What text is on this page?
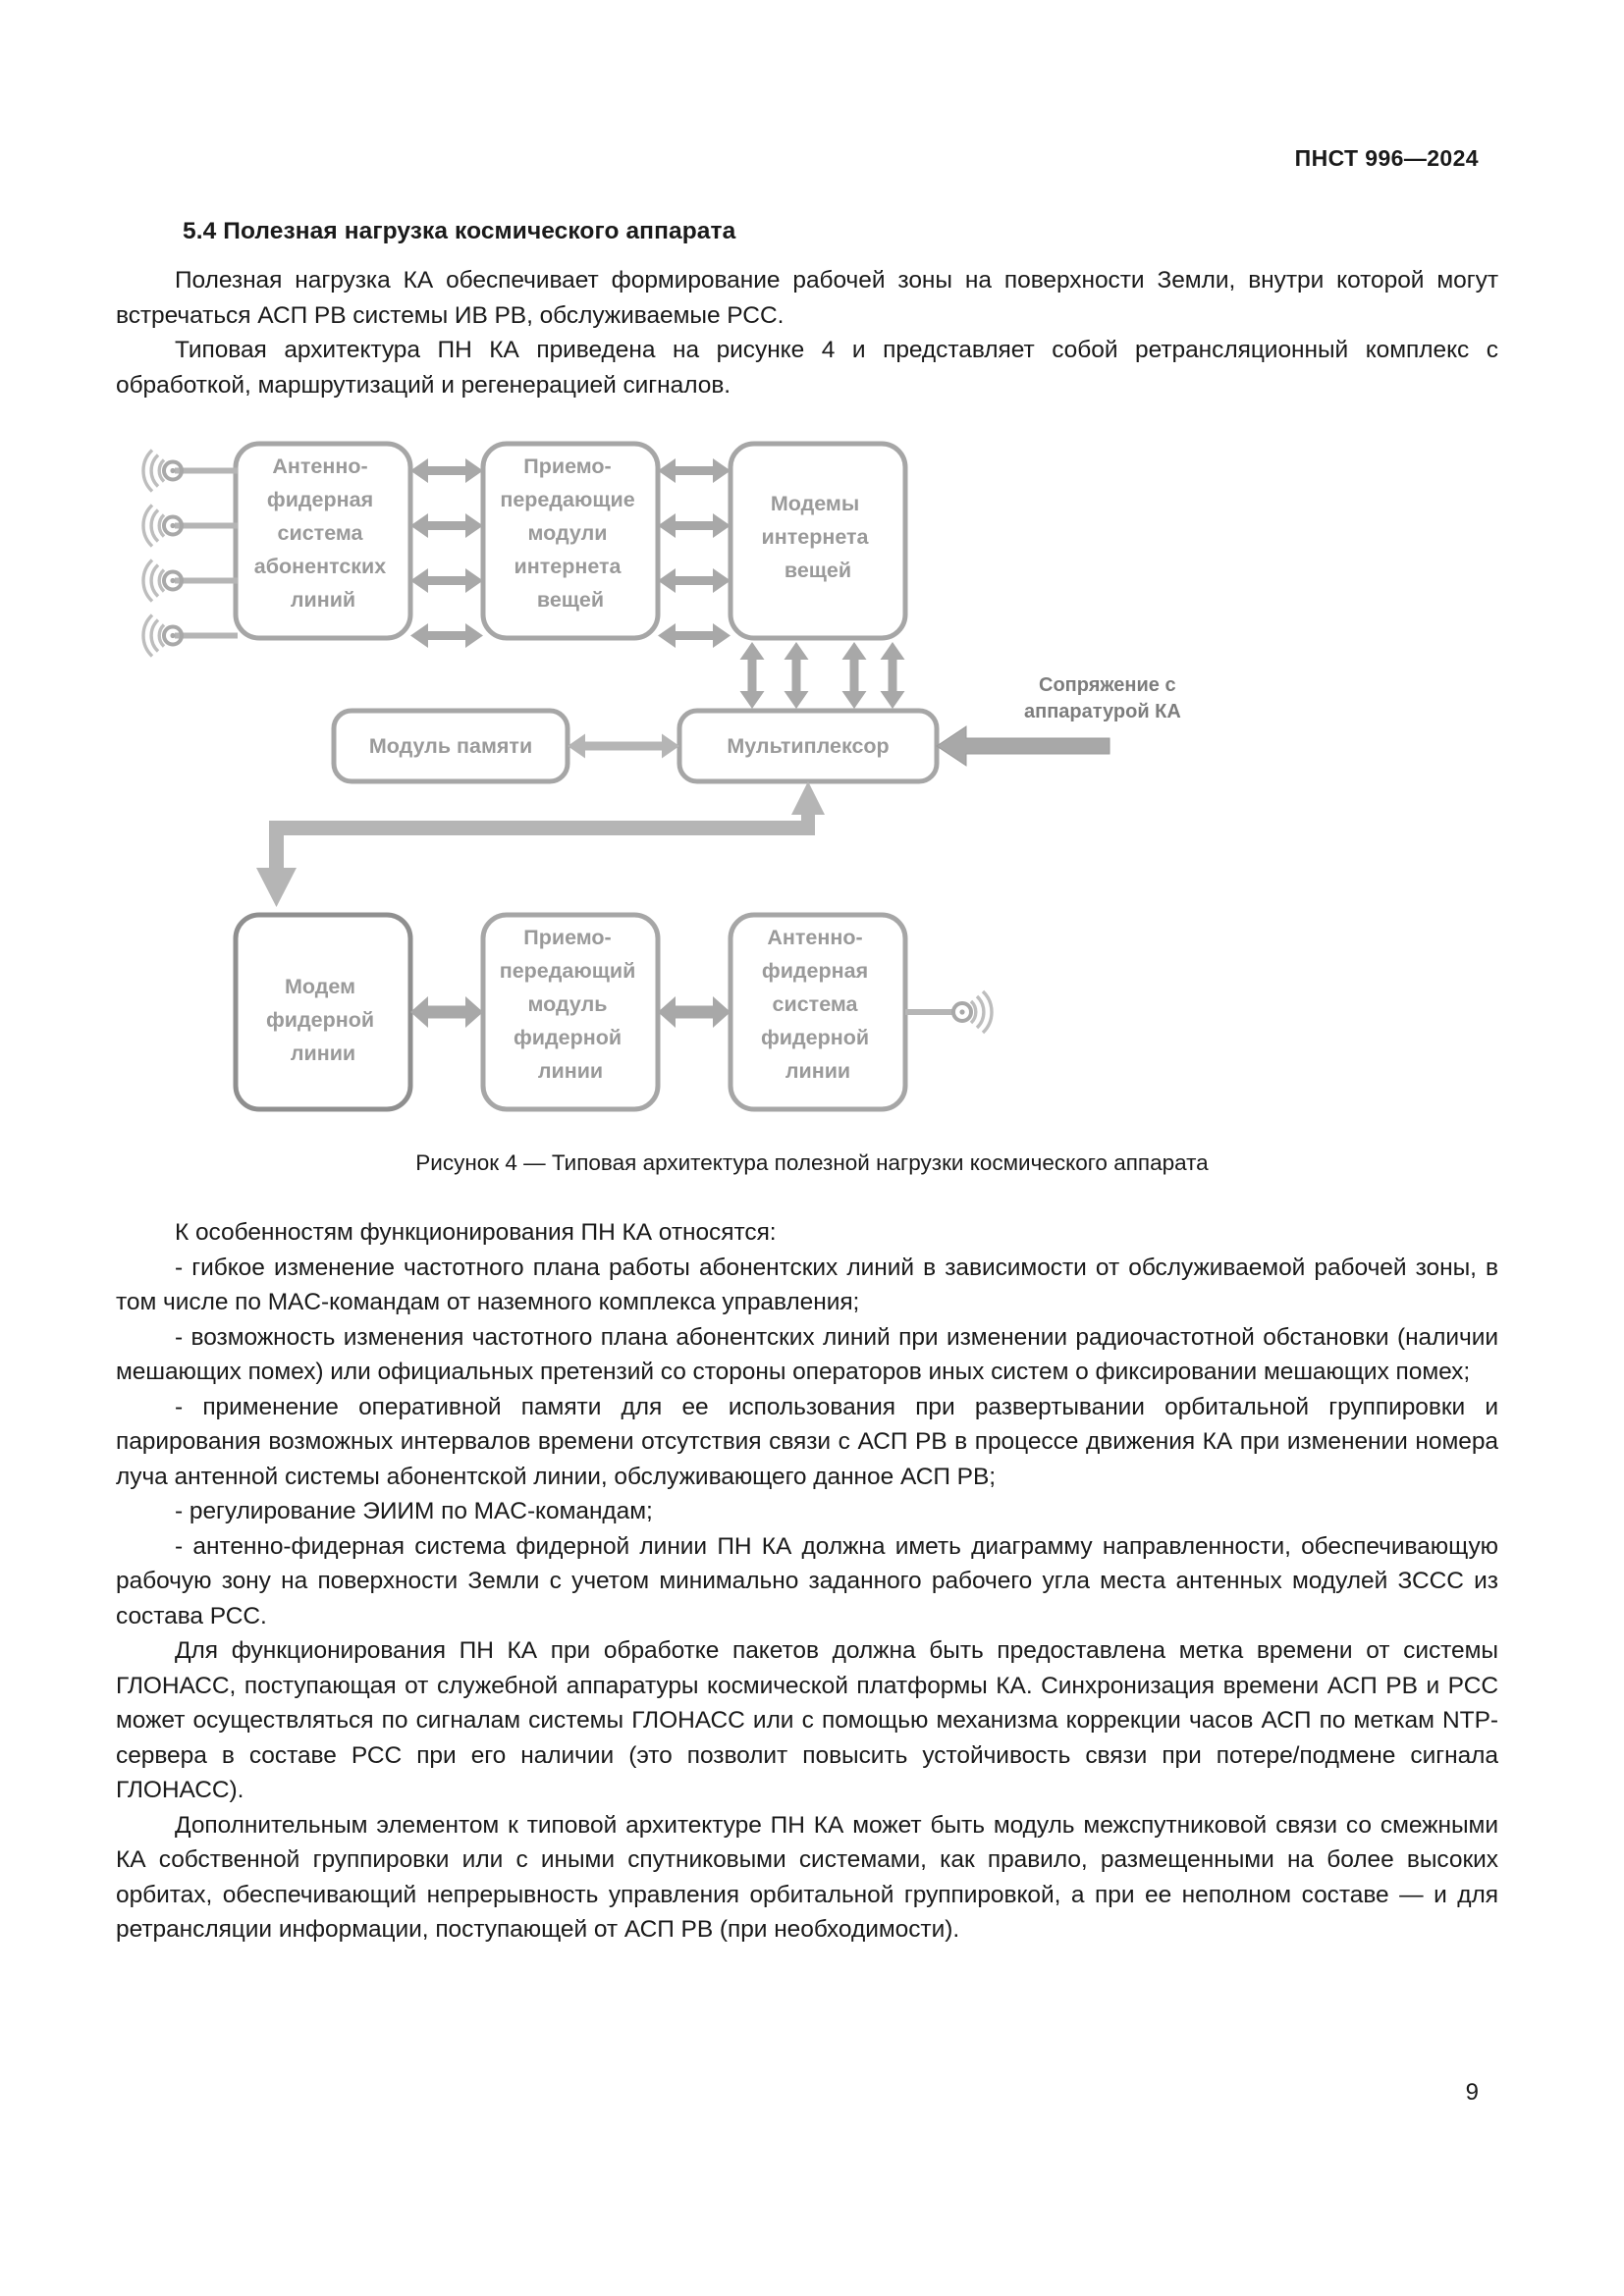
ПНСТ 996—2024
5.4 Полезная нагрузка космического аппарата

Полезная нагрузка КА обеспечивает формирование рабочей зоны на поверхности Земли, внутри которой могут встречаться АСП РВ системы ИВ РВ, обслуживаемые РСС.

Типовая архитектура ПН КА приведена на рисунке 4 и представляет собой ретрансляционный комплекс с обработкой, маршрутизаций и регенерацией сигналов.

Антенно- фидерная система абонентских линий
Приемо- передающие модули интернета вещей
Модемы интернета вещей
Модуль памяти	Мультиплексор
Сопряжение с аппаратурой КА
Модем фидерной линии
Приемо- передающий модуль фидерной линии
Антенно- фидерная система фидерной линии
Рисунок 4 — Типовая архитектура полезной нагрузки космического аппарата

К особенностям функционирования ПН КА относятся:

- гибкое изменение частотного плана работы абонентских линий в зависимости от обслуживаемой рабочей зоны, в том числе по MAC-командам от наземного комплекса управления;

- возможность изменения частотного плана абонентских линий при изменении радиочастотной обстановки (наличии мешающих помех) или официальных претензий со стороны операторов иных систем о фиксировании мешающих помех;

- применение оперативной памяти для ее использования при развертывании орбитальной группировки и парирования возможных интервалов времени отсутствия связи с АСП РВ в процессе движения КА при изменении номера луча антенной системы абонентской линии, обслуживающего данное АСП РВ;

- регулирование ЭИИМ по MAC-командам;

- антенно-фидерная система фидерной линии ПН КА должна иметь диаграмму направленности, обеспечивающую рабочую зону на поверхности Земли с учетом минимально заданного рабочего угла места антенных модулей ЗССС из состава РСС.

Для функционирования ПН КА при обработке пакетов должна быть предоставлена метка времени от системы ГЛОНАСС, поступающая от служебной аппаратуры космической платформы КА. Синхронизация времени АСП РВ и РСС может осуществляться по сигналам системы ГЛОНАСС или с помощью механизма коррекции часов АСП по меткам NTP-сервера в составе РСС при его наличии (это позволит повысить устойчивость связи при потере/подмене сигнала ГЛОНАСС).

Дополнительным элементом к типовой архитектуре ПН КА может быть модуль межспутниковой связи со смежными КА собственной группировки или с иными спутниковыми системами, как правило, размещенными на более высоких орбитах, обеспечивающий непрерывность управления орбитальной группировкой, а при ее неполном составе — и для ретрансляции информации, поступающей от АСП РВ (при необходимости).

9
